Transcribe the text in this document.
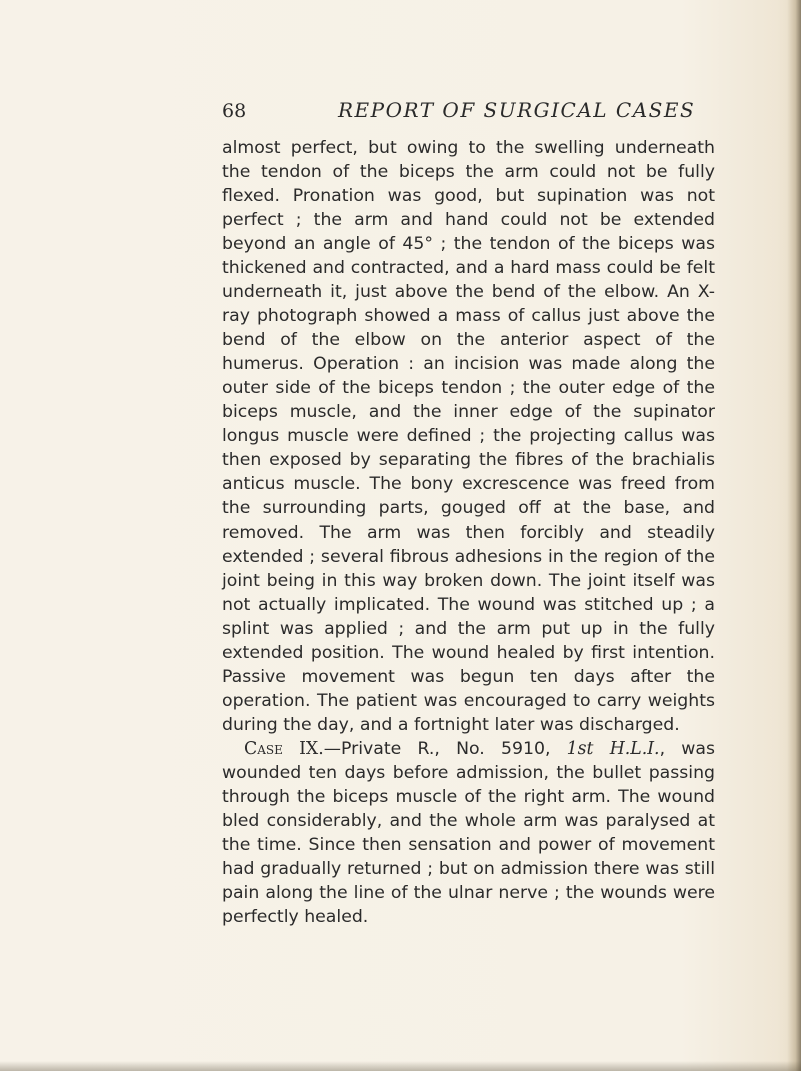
68	REPORT OF SURGICAL CASES

almost perfect, but owing to the swelling underneath the tendon of the biceps the arm could not be fully flexed. Pronation was good, but supination was not perfect ; the arm and hand could not be extended beyond an angle of 45° ; the tendon of the biceps was thickened and contracted, and a hard mass could be felt underneath it, just above the bend of the elbow. An X-ray photograph showed a mass of callus just above the bend of the elbow on the anterior aspect of the humerus. Operation : an incision was made along the outer side of the biceps tendon ; the outer edge of the biceps muscle, and the inner edge of the supinator longus muscle were defined ; the projecting callus was then exposed by separating the fibres of the brachialis anticus muscle. The bony excrescence was freed from the surrounding parts, gouged off at the base, and removed. The arm was then forcibly and steadily extended ; several fibrous adhesions in the region of the joint being in this way broken down. The joint itself was not actually implicated. The wound was stitched up ; a splint was applied ; and the arm put up in the fully extended position. The wound healed by first intention. Passive movement was begun ten days after the operation. The patient was encouraged to carry weights during the day, and a fortnight later was discharged.

Case IX.—Private R., No. 5910, 1st H.L.I., was wounded ten days before admission, the bullet passing through the biceps muscle of the right arm. The wound bled considerably, and the whole arm was paralysed at the time. Since then sensation and power of movement had gradually returned ; but on admission there was still pain along the line of the ulnar nerve ; the wounds were perfectly healed.
